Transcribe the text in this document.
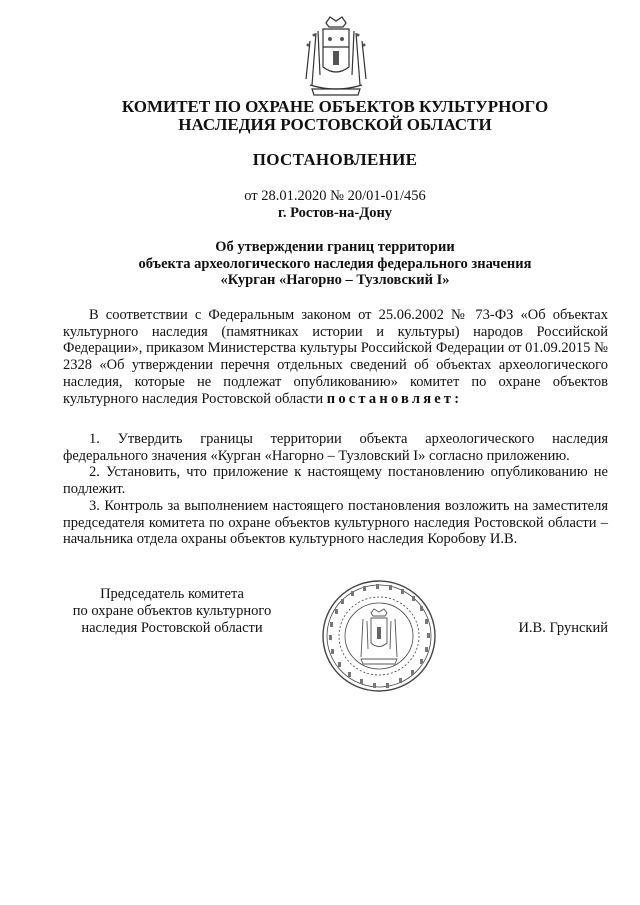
КОМИТЕТ ПО ОХРАНЕ ОБЪЕКТОВ КУЛЬТУРНОГО
НАСЛЕДИЯ РОСТОВСКОЙ ОБЛАСТИ
ПОСТАНОВЛЕНИЕ
от 28.01.2020 № 20/01-01/456
г. Ростов-на-Дону
Об утверждении границ территории
объекта археологического наследия федерального значения
«Курган «Нагорно – Тузловский I»
В соответствии с Федеральным законом от 25.06.2002 № 73-ФЗ «Об объектах культурного наследия (памятниках истории и культуры) народов Российской Федерации», приказом Министерства культуры Российской Федерации от 01.09.2015 № 2328 «Об утверждении перечня отдельных сведений об объектах археологического наследия, которые не подлежат опубликованию» комитет по охране объектов культурного наследия Ростовской области постановляет:

1. Утвердить границы территории объекта археологического наследия федерального значения «Курган «Нагорно – Тузловский I» согласно приложению.

2. Установить, что приложение к настоящему постановлению опубликованию не подлежит.

3. Контроль за выполнением настоящего постановления возложить на заместителя председателя комитета по охране объектов культурного наследия Ростовской области – начальника отдела охраны объектов культурного наследия Коробову И.В.

Председатель комитета
по охране объектов культурного
наследия Ростовской области	И.В. Грунский
